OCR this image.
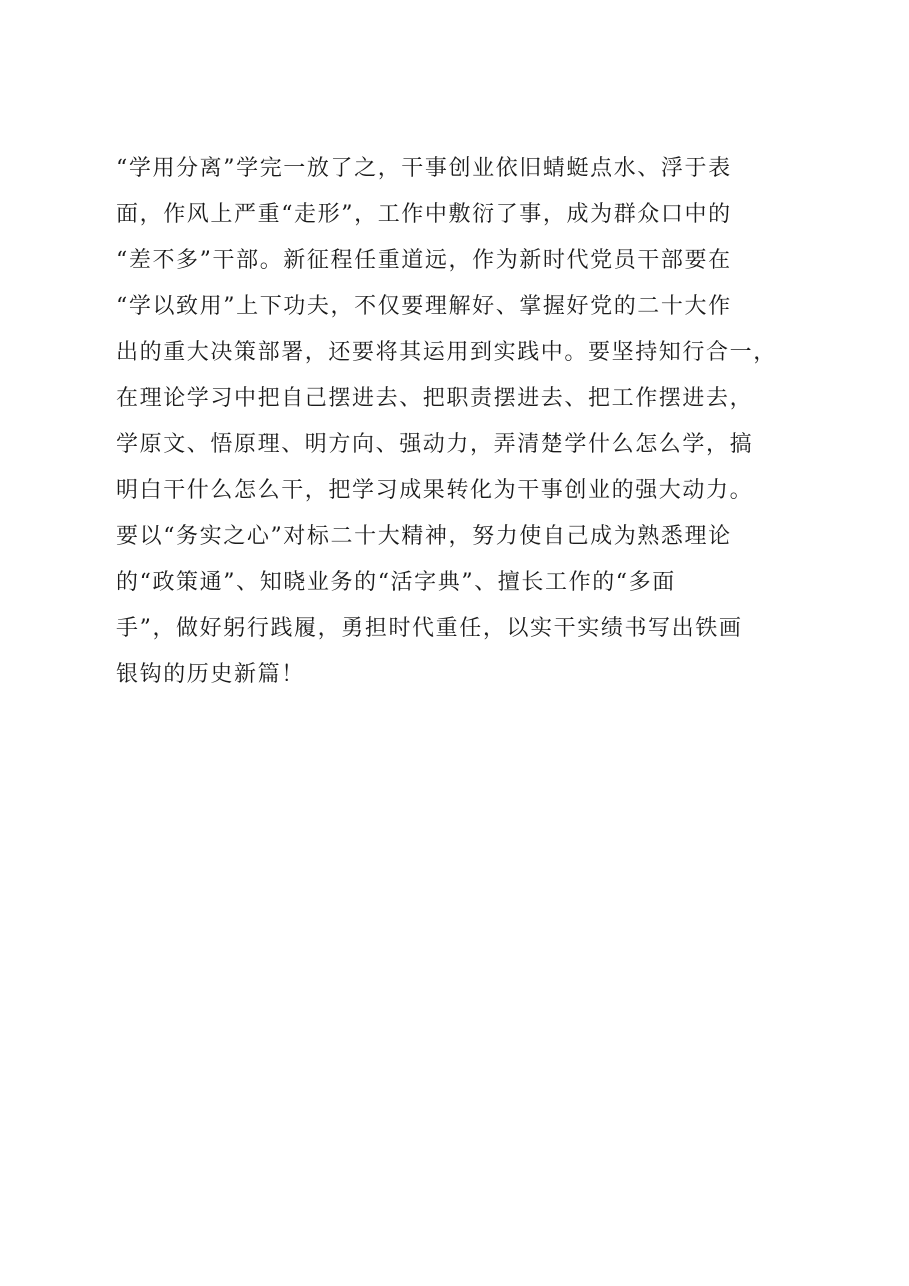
“学用分离”学完一放了之，干事创业依旧蜻蜓点水、浮于表
面，作风上严重“走形”，工作中敷衍了事，成为群众口中的
“差不多”干部。新征程任重道远，作为新时代党员干部要在
“学以致用”上下功夫，不仅要理解好、掌握好党的二十大作
出的重大决策部署，还要将其运用到实践中。要坚持知行合一，
在理论学习中把自己摆进去、把职责摆进去、把工作摆进去，
学原文、悟原理、明方向、强动力，弄清楚学什么怎么学，搞
明白干什么怎么干，把学习成果转化为干事创业的强大动力。
要以“务实之心”对标二十大精神，努力使自己成为熟悉理论
的“政策通”、知晓业务的“活字典”、擅长工作的“多面
手”，做好躬行践履，勇担时代重任，以实干实绩书写出铁画
银钩的历史新篇！
